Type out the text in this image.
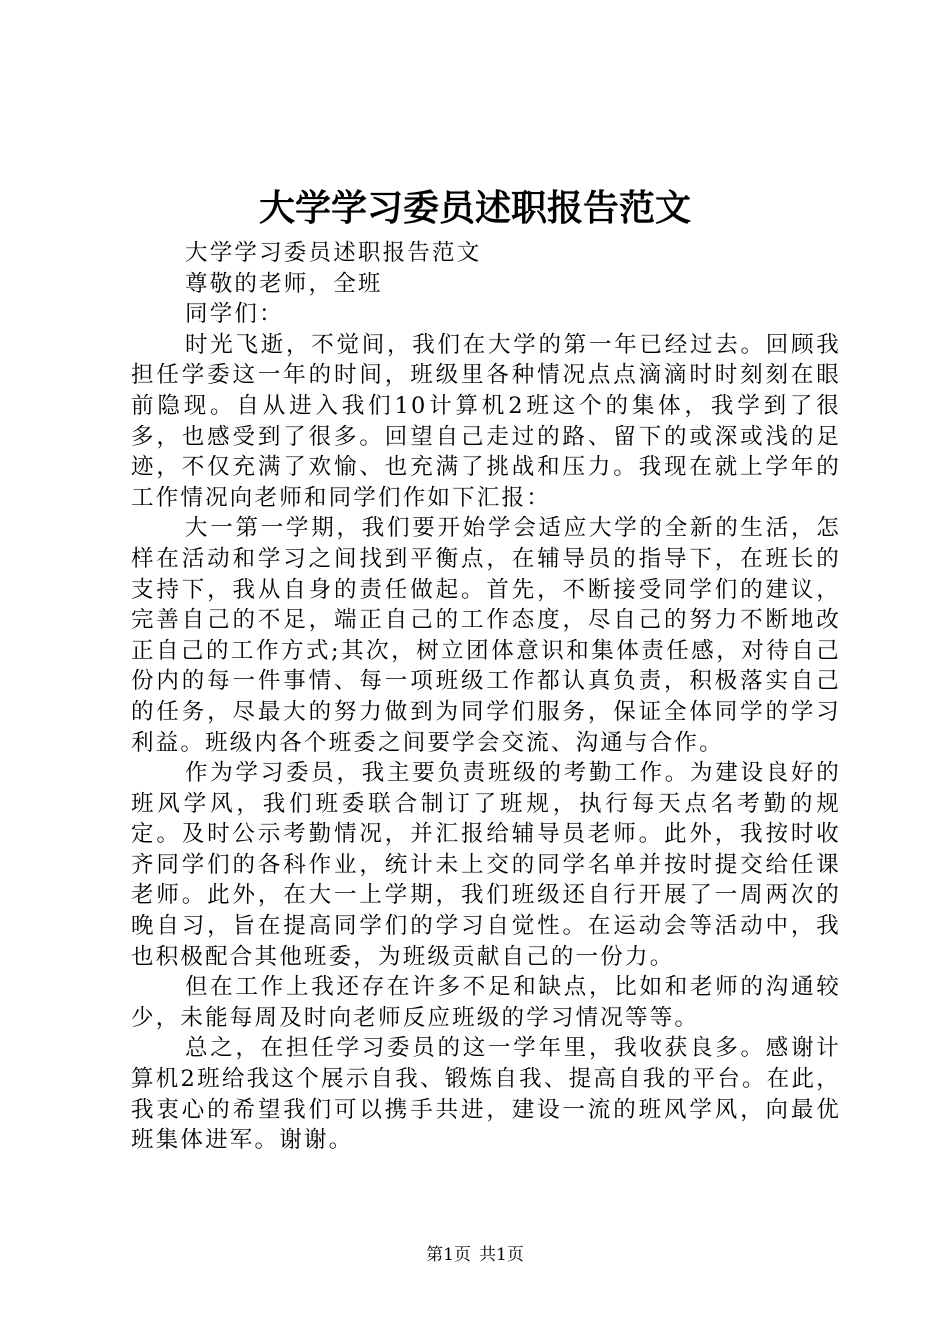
大学学习委员述职报告范文

大学学习委员述职报告范文

尊敬的老师，全班

同学们：

时光飞逝，不觉间，我们在大学的第一年已经过去。回顾我担任学委这一年的时间，班级里各种情况点点滴滴时时刻刻在眼前隐现。自从进入我们10计算机2班这个的集体，我学到了很多，也感受到了很多。回望自己走过的路、留下的或深或浅的足迹，不仅充满了欢愉、也充满了挑战和压力。我现在就上学年的工作情况向老师和同学们作如下汇报：

大一第一学期，我们要开始学会适应大学的全新的生活，怎样在活动和学习之间找到平衡点，在辅导员的指导下，在班长的支持下，我从自身的责任做起。首先，不断接受同学们的建议，完善自己的不足，端正自己的工作态度，尽自己的努力不断地改正自己的工作方式;其次，树立团体意识和集体责任感，对待自己份内的每一件事情、每一项班级工作都认真负责，积极落实自己的任务，尽最大的努力做到为同学们服务，保证全体同学的学习利益。班级内各个班委之间要学会交流、沟通与合作。

作为学习委员，我主要负责班级的考勤工作。为建设良好的班风学风，我们班委联合制订了班规，执行每天点名考勤的规定。及时公示考勤情况，并汇报给辅导员老师。此外，我按时收齐同学们的各科作业，统计未上交的同学名单并按时提交给任课老师。此外，在大一上学期，我们班级还自行开展了一周两次的晚自习，旨在提高同学们的学习自觉性。在运动会等活动中，我也积极配合其他班委，为班级贡献自己的一份力。

但在工作上我还存在许多不足和缺点，比如和老师的沟通较少，未能每周及时向老师反应班级的学习情况等等。

总之，在担任学习委员的这一学年里，我收获良多。感谢计算机2班给我这个展示自我、锻炼自我、提高自我的平台。在此，我衷心的希望我们可以携手共进，建设一流的班风学风，向最优班集体进军。谢谢。

第1页 共1页
